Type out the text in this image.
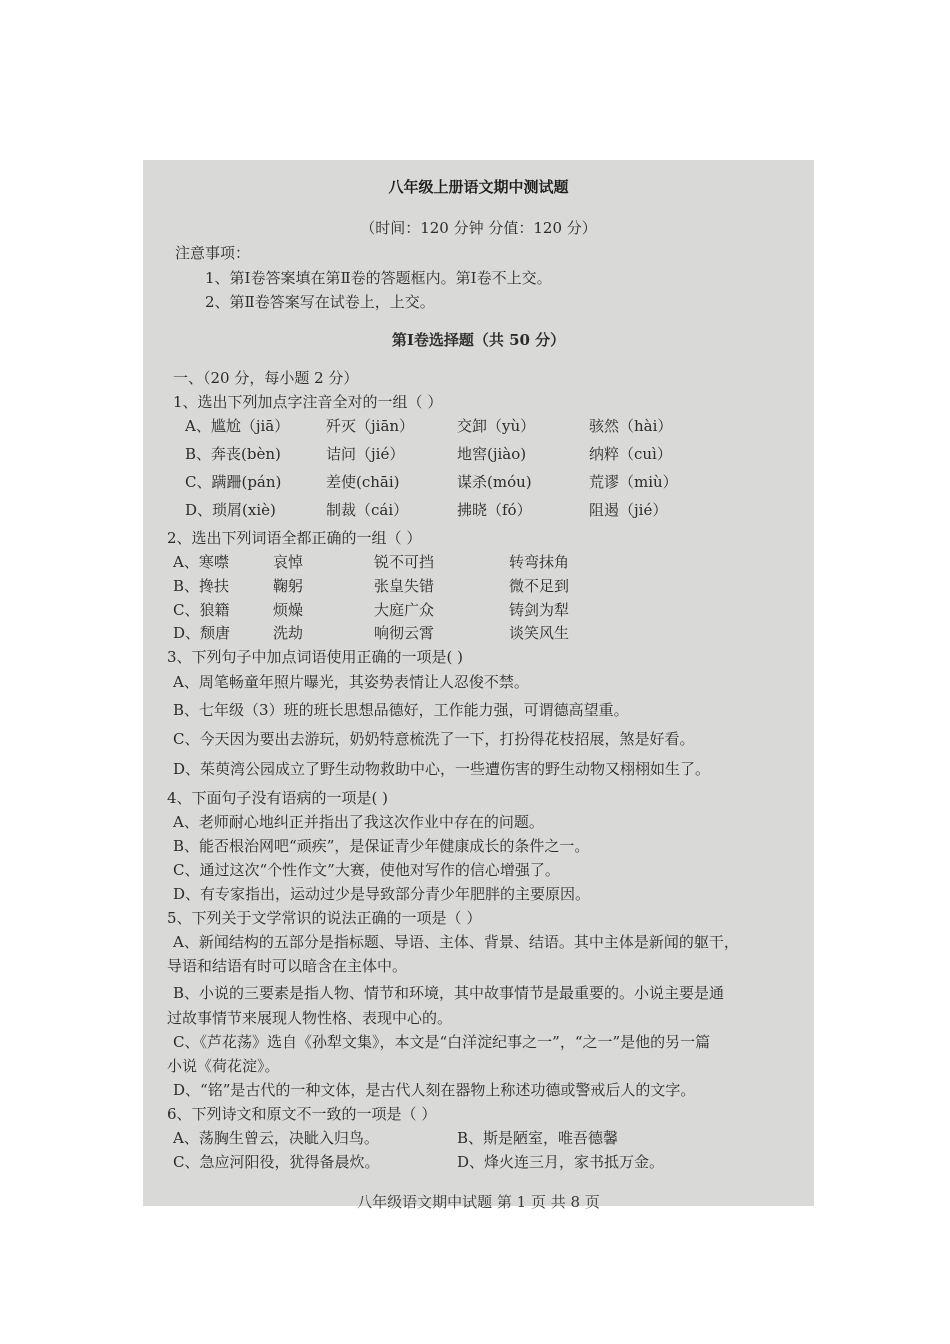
八年级上册语文期中测试题
（时间：120 分钟 分值：120 分）
注意事项：
1、第Ⅰ卷答案填在第Ⅱ卷的答题框内。第Ⅰ卷不上交。
2、第Ⅱ卷答案写在试卷上，上交。
第Ⅰ卷选择题（共 50 分）
一、（20 分，每小题 2 分）
1、选出下列加点字注音全对的一组（ ）
A、尴尬（jiā） 歼灭（jiān）	交卸（yù）	骇然（hài）
B、奔丧(bèn)	诘问（jié）	地窖(jiào)	纳粹（cuì）
C、蹒跚(pán)	差使(chāi)	谋杀(móu)	荒谬（miù）
D、琐屑(xiè)	制裁（cái）	拂晓（fó）	阻遏（jié）
2、选出下列词语全都正确的一组（ ）
A、寒噤	哀悼	锐不可挡	转弯抹角
B、搀扶	鞠躬	张皇失错	微不足到
C、狼籍	烦燥	大庭广众	铸剑为犁
D、颓唐	洗劫	响彻云霄	谈笑风生
3、下列句子中加点词语使用正确的一项是( )
A、周笔畅童年照片曝光，其姿势表情让人忍俊不禁。
B、七年级（3）班的班长思想品德好，工作能力强，可谓德高望重。
C、今天因为要出去游玩，奶奶特意梳洗了一下，打扮得花枝招展，煞是好看。
D、茱萸湾公园成立了野生动物救助中心，一些遭伤害的野生动物又栩栩如生了。
4、下面句子没有语病的一项是( )
A、老师耐心地纠正并指出了我这次作业中存在的问题。
B、能否根治网吧“顽疾”，是保证青少年健康成长的条件之一。
C、通过这次“个性作文”大赛，使他对写作的信心增强了。
D、有专家指出，运动过少是导致部分青少年肥胖的主要原因。
5、下列关于文学常识的说法正确的一项是（ ）
A、新闻结构的五部分是指标题、导语、主体、背景、结语。其中主体是新闻的躯干，
导语和结语有时可以暗含在主体中。
B、小说的三要素是指人物、情节和环境，其中故事情节是最重要的。小说主要是通
过故事情节来展现人物性格、表现中心的。
C、《芦花荡》选自《孙犁文集》，本文是“白洋淀纪事之一”，“之一”是他的另一篇
小说《荷花淀》。
D、“铭”是古代的一种文体，是古代人刻在器物上称述功德或警戒后人的文字。
6、下列诗文和原文不一致的一项是（ ）
A、荡胸生曾云，决眦入归鸟。	B、斯是陋室，唯吾德馨
C、急应河阳役，犹得备晨炊。	D、烽火连三月，家书抵万金。
八年级语文期中试题 第 1 页 共 8 页
